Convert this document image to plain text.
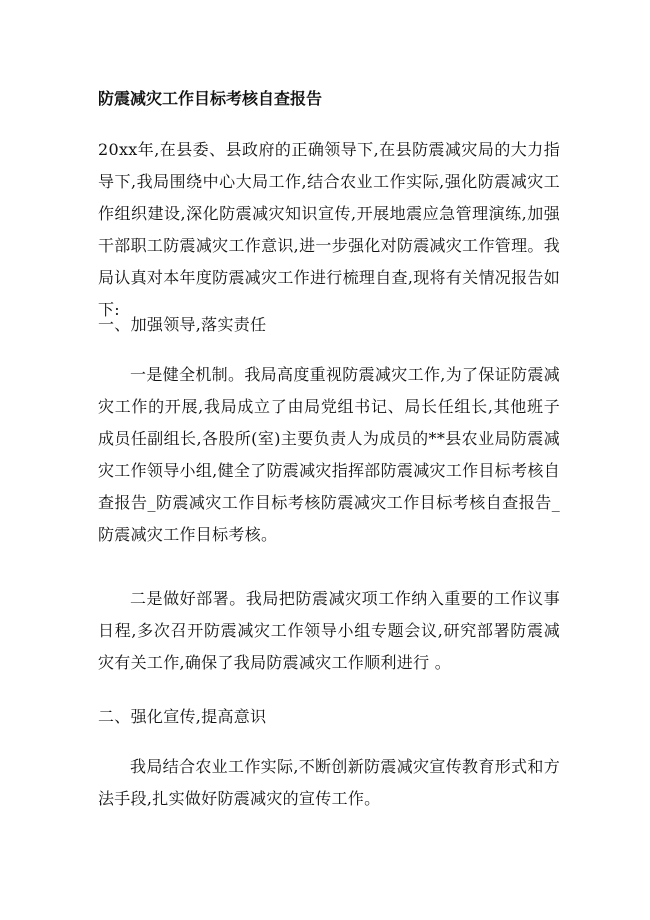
防震减灾工作目标考核自查报告
20xx年,在县委、县政府的正确领导下,在县防震减灾局的大力指导下,我局围绕中心大局工作,结合农业工作实际,强化防震减灾工作组织建设,深化防震减灾知识宣传,开展地震应急管理演练,加强干部职工防震减灾工作意识,进一步强化对防震减灾工作管理。我局认真对本年度防震减灾工作进行梳理自查,现将有关情况报告如下:
一、加强领导,落实责任
一是健全机制。我局高度重视防震减灾工作,为了保证防震减灾工作的开展,我局成立了由局党组书记、局长任组长,其他班子成员任副组长,各股所(室)主要负责人为成员的**县农业局防震减灾工作领导小组,健全了防震减灾指挥部防震减灾工作目标考核自查报告_防震减灾工作目标考核防震减灾工作目标考核自查报告_防震减灾工作目标考核。
二是做好部署。我局把防震减灾项工作纳入重要的工作议事日程,多次召开防震减灾工作领导小组专题会议,研究部署防震减灾有关工作,确保了我局防震减灾工作顺利进行 。
二、强化宣传,提高意识
我局结合农业工作实际,不断创新防震减灾宣传教育形式和方法手段,扎实做好防震减灾的宣传工作。
